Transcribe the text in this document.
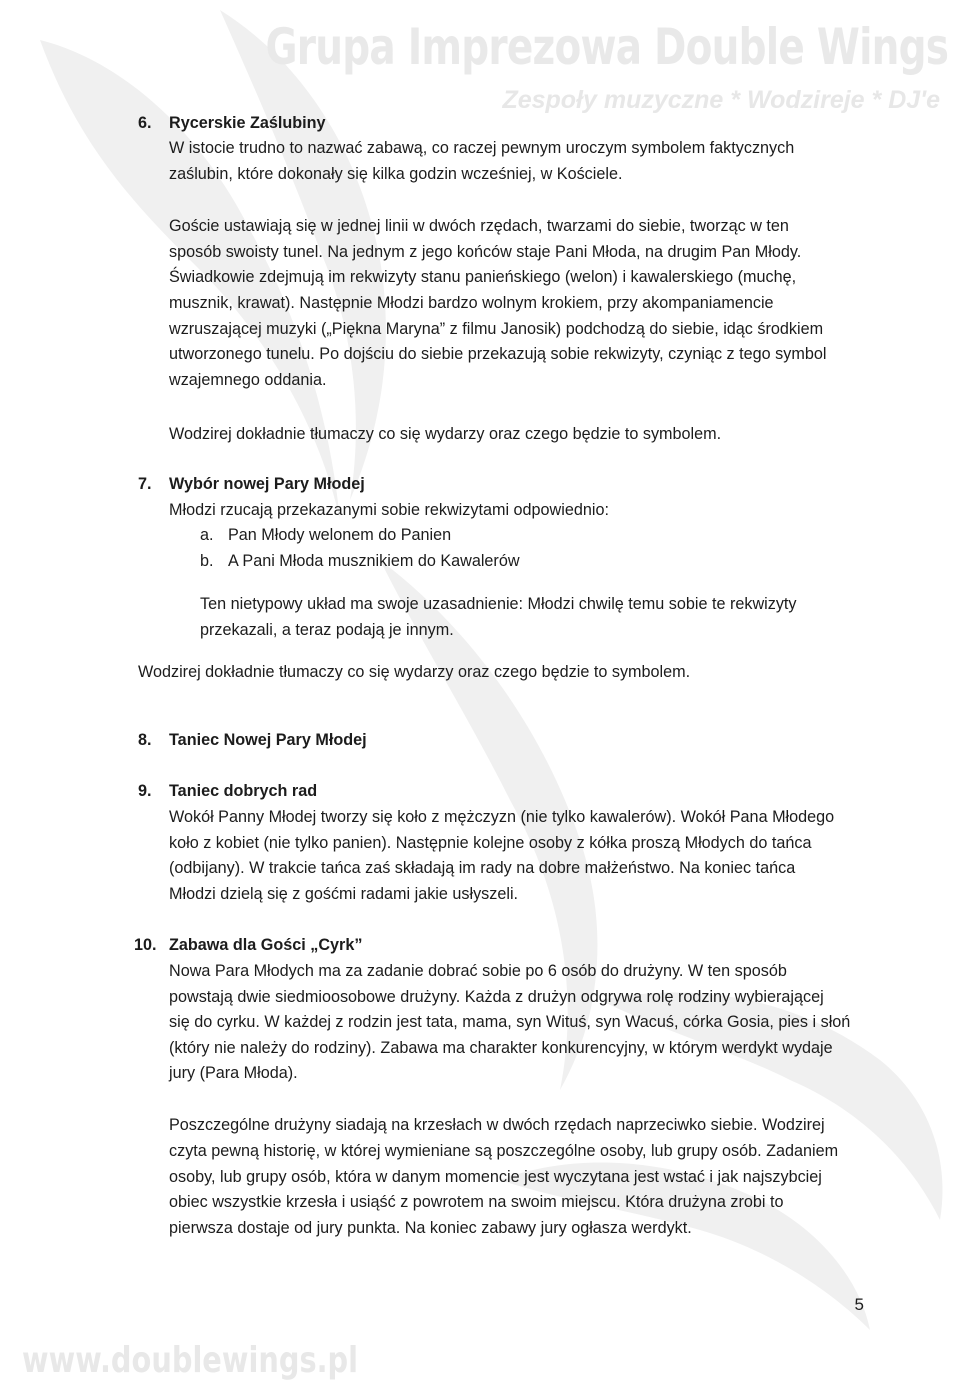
Grupa Imprezowa Double Wings
Zespoły muzyczne * Wodzireje * DJ'e
www.doublewings.pl
5
6. Rycerskie Zaślubiny
W istocie trudno to nazwać zabawą, co raczej pewnym uroczym symbolem faktycznych
zaślubin, które dokonały się kilka godzin wcześniej, w Kościele.
Goście ustawiają się w jednej linii w dwóch rzędach, twarzami do siebie, tworząc w ten
sposób swoisty tunel. Na jednym z jego końców staje Pani Młoda, na drugim Pan Młody.
Świadkowie zdejmują im rekwizyty stanu panieńskiego (welon) i kawalerskiego (muchę,
musznik, krawat). Następnie Młodzi bardzo wolnym krokiem, przy akompaniamencie
wzruszającej muzyki („Piękna Maryna” z filmu Janosik) podchodzą do siebie, idąc środkiem
utworzonego tunelu. Po dojściu do siebie przekazują sobie rekwizyty, czyniąc z tego symbol
wzajemnego oddania.
Wodzirej dokładnie tłumaczy co się wydarzy oraz czego będzie to symbolem.
7. Wybór nowej Pary Młodej
Młodzi rzucają przekazanymi sobie rekwizytami odpowiednio:
a. Pan Młody welonem do Panien
b. A Pani Młoda musznikiem do Kawalerów
Ten nietypowy układ ma swoje uzasadnienie: Młodzi chwilę temu sobie te rekwizyty
przekazali, a teraz podają je innym.
Wodzirej dokładnie tłumaczy co się wydarzy oraz czego będzie to symbolem.
8. Taniec Nowej Pary Młodej
9. Taniec dobrych rad
Wokół Panny Młodej tworzy się koło z mężczyzn (nie tylko kawalerów). Wokół Pana Młodego
koło z kobiet (nie tylko panien). Następnie kolejne osoby z kółka proszą Młodych do tańca
(odbijany). W trakcie tańca zaś składają im rady na dobre małżeństwo. Na koniec tańca
Młodzi dzielą się z gośćmi radami jakie usłyszeli.
10. Zabawa dla Gości „Cyrk”
Nowa Para Młodych ma za zadanie dobrać sobie po 6 osób do drużyny. W ten sposób
powstają dwie siedmioosobowe drużyny. Każda z drużyn odgrywa rolę rodziny wybierającej
się do cyrku. W każdej z rodzin jest tata, mama, syn Wituś, syn Wacuś, córka Gosia, pies i słoń
(który nie należy do rodziny). Zabawa ma charakter konkurencyjny, w którym werdykt wydaje
jury (Para Młoda).
Poszczególne drużyny siadają na krzesłach w dwóch rzędach naprzeciwko siebie. Wodzirej
czyta pewną historię, w której wymieniane są poszczególne osoby, lub grupy osób. Zadaniem
osoby, lub grupy osób, która w danym momencie jest wyczytana jest wstać i jak najszybciej
obiec wszystkie krzesła i usiąść z powrotem na swoim miejscu. Która drużyna zrobi to
pierwsza dostaje od jury punkta. Na koniec zabawy jury ogłasza werdykt.
